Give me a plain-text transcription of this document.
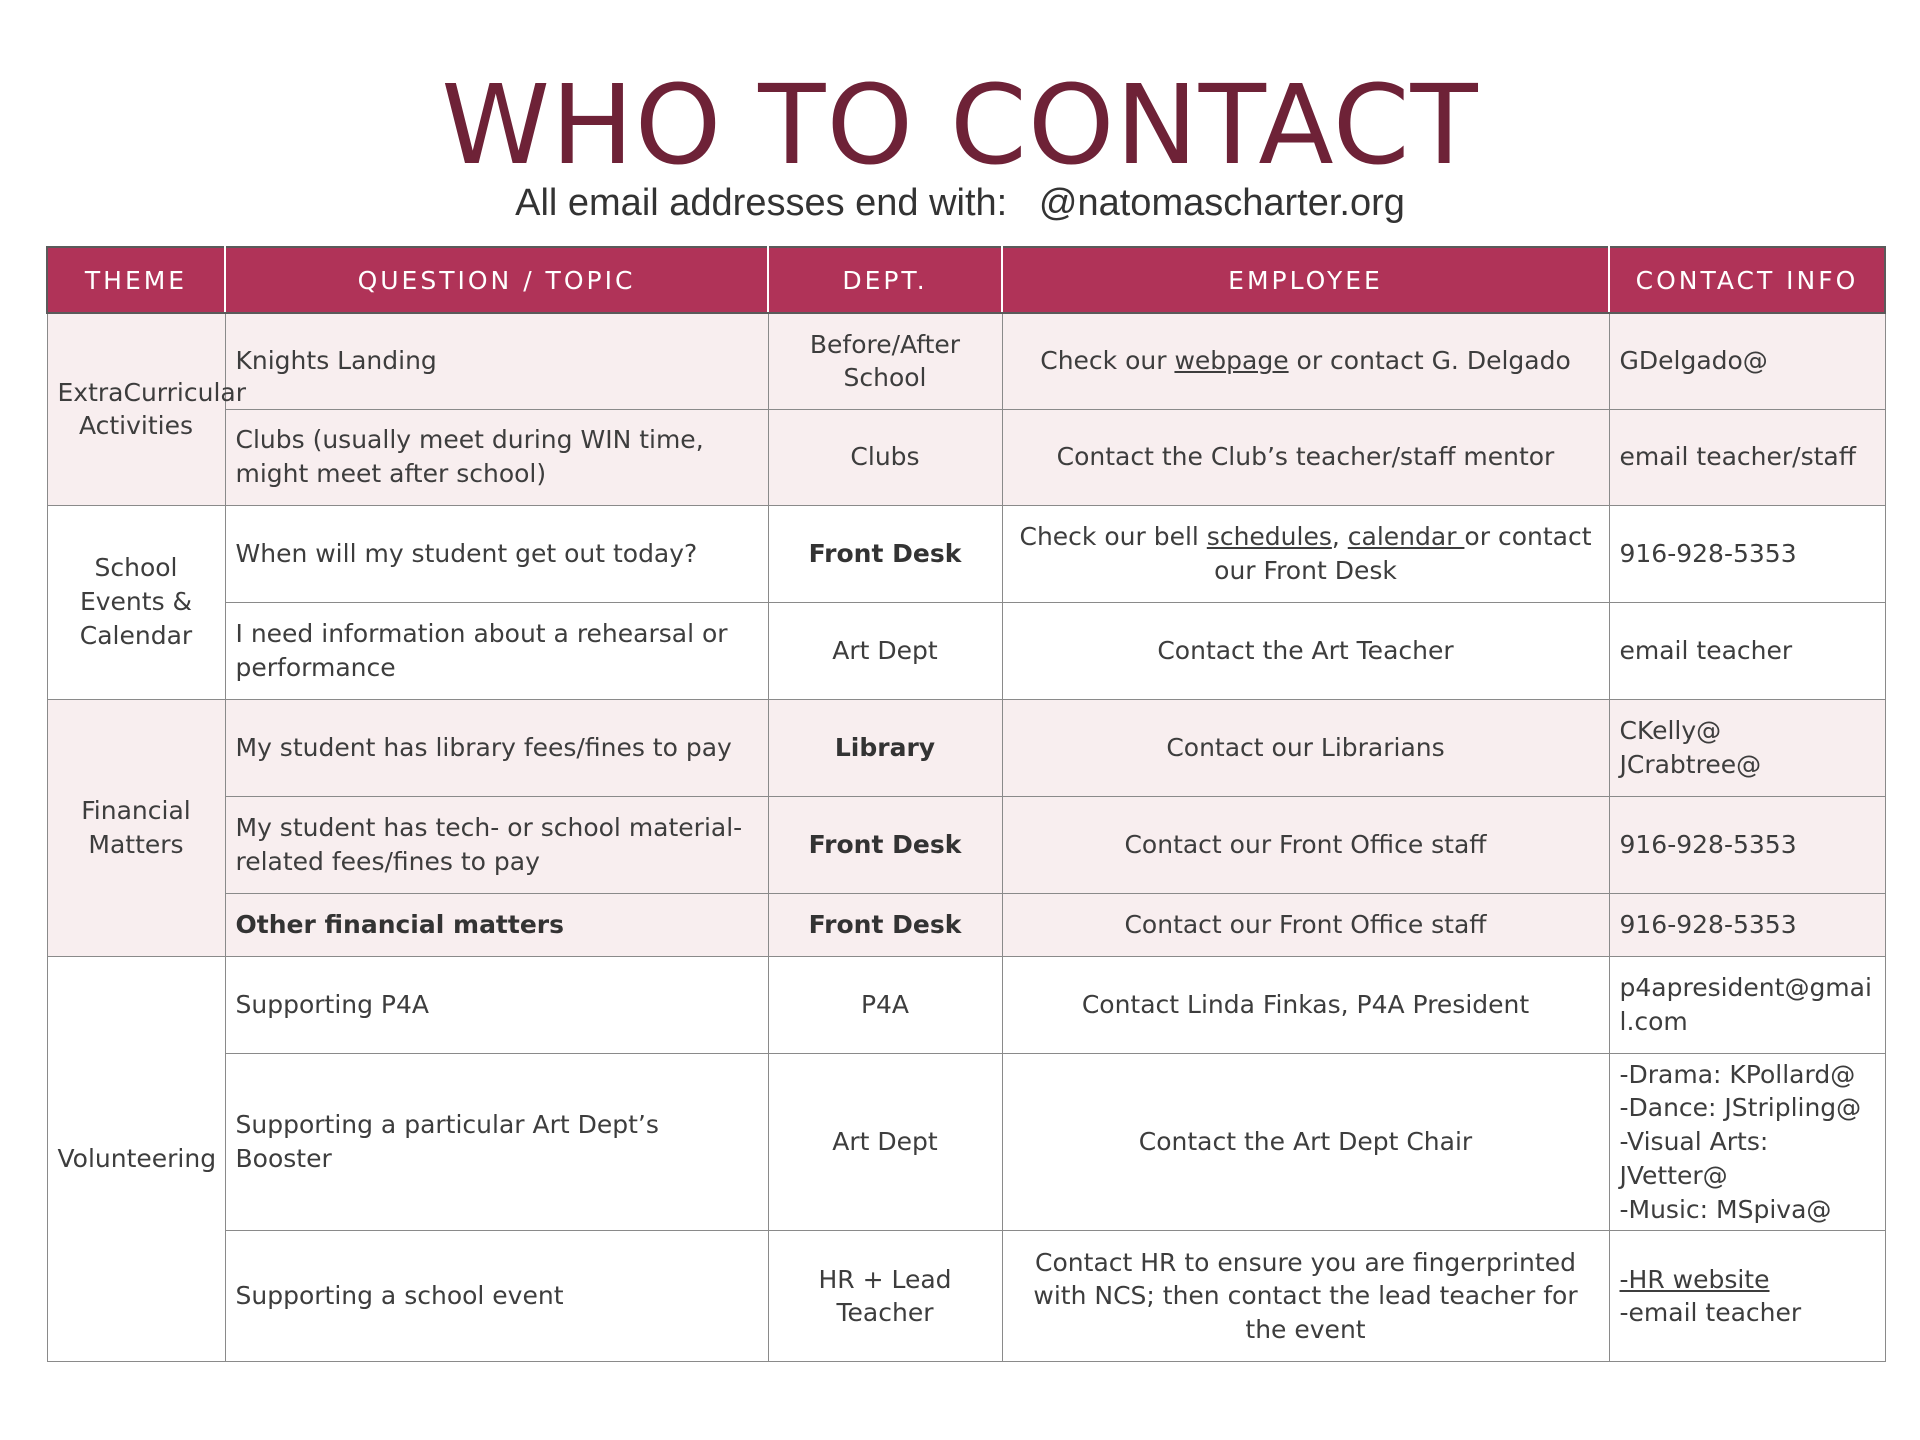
WHO TO CONTACT
All email addresses end with:   @natomascharter.org
THEME	QUESTION / TOPIC	DEPT.	EMPLOYEE	CONTACT INFO
ExtraCurricular Activities	Knights Landing	Before/After School	Check our webpage or contact G. Delgado	GDelgado@
	Clubs (usually meet during WIN time, might meet after school)	Clubs	Contact the Club’s teacher/staff mentor	email teacher/staff
School Events & Calendar	When will my student get out today?	Front Desk	Check our bell schedules, calendar or contact our Front Desk	916-928-5353
	I need information about a rehearsal or performance	Art Dept	Contact the Art Teacher	email teacher
Financial Matters	My student has library fees/fines to pay	Library	Contact our Librarians	CKelly@
JCrabtree@

	My student has tech- or school material-related fees/fines to pay	Front Desk	Contact our Front Office staff	916-928-5353
	Other financial matters	Front Desk	Contact our Front Office staff	916-928-5353
Volunteering	Supporting P4A	P4A	Contact Linda Finkas, P4A President	p4apresident@gmail.com
	Supporting a particular Art Dept’s Booster	Art Dept	Contact the Art Dept Chair	-Drama: KPollard@
-Dance: JStripling@
-Visual Arts: JVetter@
-Music: MSpiva@

	Supporting a school event	HR + Lead Teacher	Contact HR to ensure you are fingerprinted with NCS; then contact the lead teacher for the event	-HR website
-email teacher
